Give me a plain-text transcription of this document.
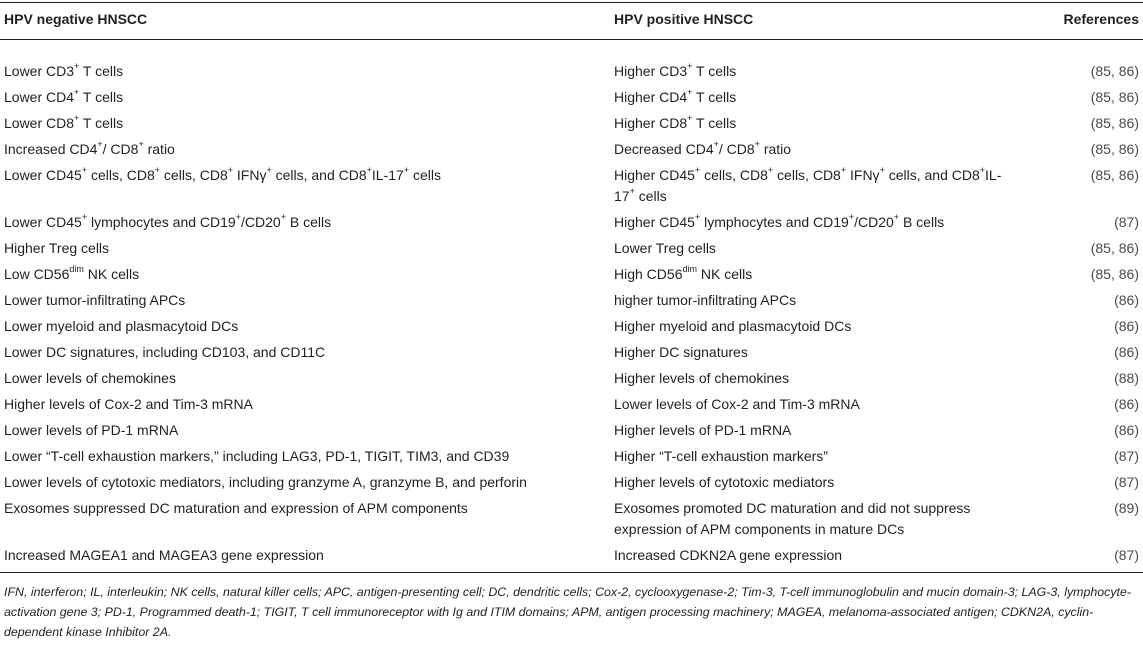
HPV negative HNSCC	HPV positive HNSCC	References
Lower CD3+ T cells	Higher CD3+ T cells	(85, 86)
Lower CD4+ T cells	Higher CD4+ T cells	(85, 86)
Lower CD8+ T cells	Higher CD8+ T cells	(85, 86)
Increased CD4+/ CD8+ ratio	Decreased CD4+/ CD8+ ratio	(85, 86)
Lower CD45+ cells, CD8+ cells, CD8+ IFNγ+ cells, and CD8+IL-17+ cells	Higher CD45+ cells, CD8+ cells, CD8+ IFNγ+ cells, and CD8+IL-17+ cells	(85, 86)
Lower CD45+ lymphocytes and CD19+/CD20+ B cells	Higher CD45+ lymphocytes and CD19+/CD20+ B cells	(87)
Higher Treg cells	Lower Treg cells	(85, 86)
Low $CD56^{dim}$ NK cells	High $CD56^{dim}$ NK cells	(85, 86)
Lower tumor-infiltrating APCs	higher tumor-infiltrating APCs	(86)
Lower myeloid and plasmacytoid DCs	Higher myeloid and plasmacytoid DCs	(86)
Lower DC signatures, including CD103, and CD11C	Higher DC signatures	(86)
Lower levels of chemokines	Higher levels of chemokines	(88)
Higher levels of Cox-2 and Tim-3 mRNA	Lower levels of Cox-2 and Tim-3 mRNA	(86)
Lower levels of PD-1 mRNA	Higher levels of PD-1 mRNA	(86)
Lower “T-cell exhaustion markers,” including LAG3, PD-1, TIGIT, TIM3, and CD39	Higher “T-cell exhaustion markers”	(87)
Lower levels of cytotoxic mediators, including granzyme A, granzyme B, and perforin	Higher levels of cytotoxic mediators	(87)
Exosomes suppressed DC maturation and expression of APM components	Exosomes promoted DC maturation and did not suppress expression of APM components in mature DCs	(89)
Increased MAGEA1 and MAGEA3 gene expression	Increased CDKN2A gene expression	(87)
IFN, interferon; IL, interleukin; NK cells, natural killer cells; APC, antigen-presenting cell; DC, dendritic cells; Cox-2, cyclooxygenase-2; Tim-3, T-cell immunoglobulin and mucin domain-3; LAG-3, lymphocyte-activation gene 3; PD-1, Programmed death-1; TIGIT, T cell immunoreceptor with Ig and ITIM domains; APM, antigen processing machinery; MAGEA, melanoma-associated antigen; CDKN2A, cyclin-dependent kinase Inhibitor 2A.
